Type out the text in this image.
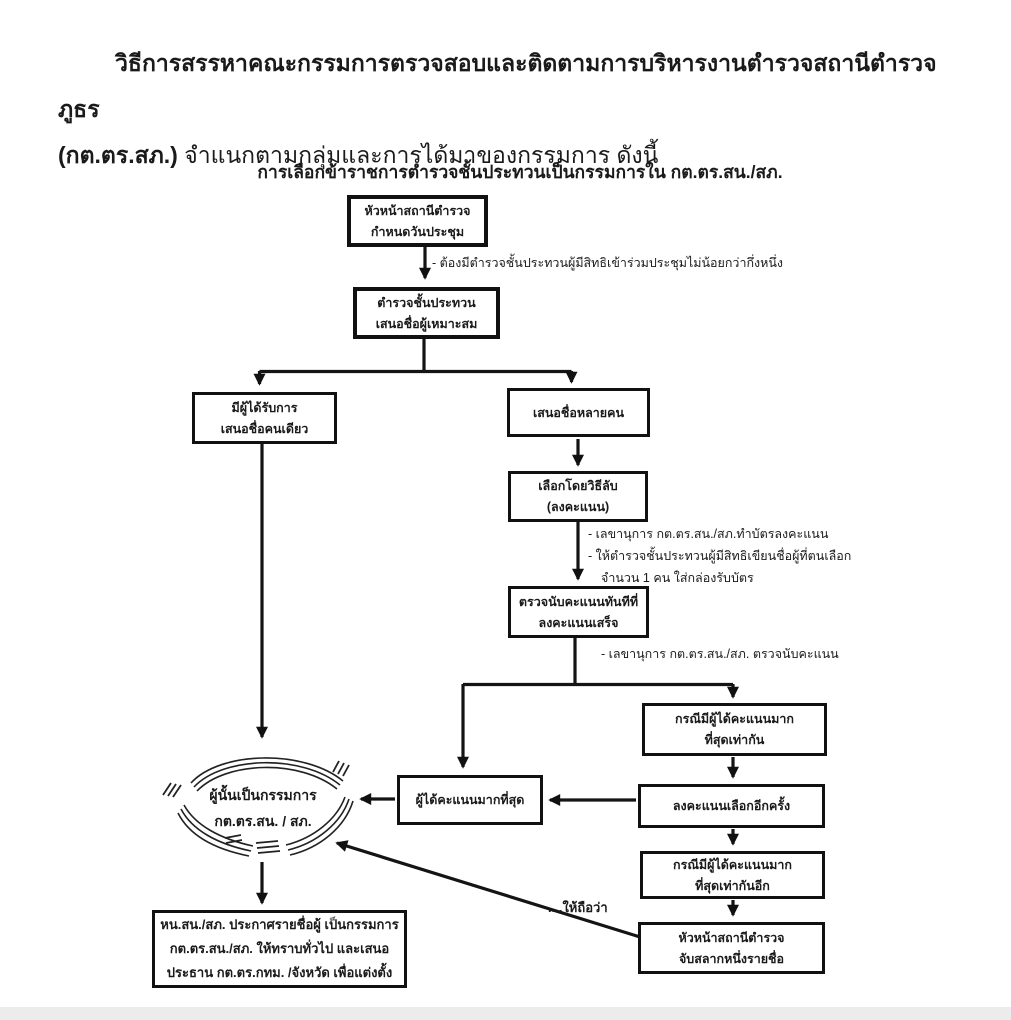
วิธีการสรรหาคณะกรรมการตรวจสอบและติดตามการบริหารงานตำรวจสถานีตำรวจภูธร
(กต.ตร.สภ.) จำแนกตามกลุ่มและการได้มาของกรรมการ ดังนี้
การเลือกข้าราชการตำรวจชั้นประทวนเป็นกรรมการใน กต.ตร.สน./สภ.
หัวหน้าสถานีตำรวจ
กำหนดวันประชุม
ตำรวจชั้นประทวน
เสนอชื่อผู้เหมาะสม
มีผู้ได้รับการ
เสนอชื่อคนเดียว
เสนอชื่อหลายคน
เลือกโดยวิธีลับ
(ลงคะแนน)
ตรวจนับคะแนนทันทีที่
ลงคะแนนเสร็จ
กรณีมีผู้ได้คะแนนมาก
ที่สุดเท่ากัน
ผู้ได้คะแนนมากที่สุด	ลงคะแนนเลือกอีกครั้ง
กรณีมีผู้ได้คะแนนมาก
ที่สุดเท่ากันอีก
หัวหน้าสถานีตำรวจ
จับสลากหนึ่งรายชื่อ
หน.สน./สภ. ประกาศรายชื่อผู้ เป็นกรรมการ
กต.ตร.สน./สภ. ให้ทราบทั่วไป และเสนอ
ประธาน กต.ตร.กทม. /จังหวัด เพื่อแต่งตั้ง
ผู้นั้นเป็นกรรมการ
กต.ตร.สน. / สภ.
- ต้องมีตำรวจชั้นประทวนผู้มีสิทธิเข้าร่วมประชุมไม่น้อยกว่ากึ่งหนึ่ง
- เลขานุการ กต.ตร.สน./สภ.ทำบัตรลงคะแนน
- ให้ตำรวจชั้นประทวนผู้มีสิทธิเขียนชื่อผู้ที่ตนเลือก
จำนวน 1 คน ใส่กล่องรับบัตร
- เลขานุการ กต.ตร.สน./สภ. ตรวจนับคะแนน
....ให้ถือว่า
